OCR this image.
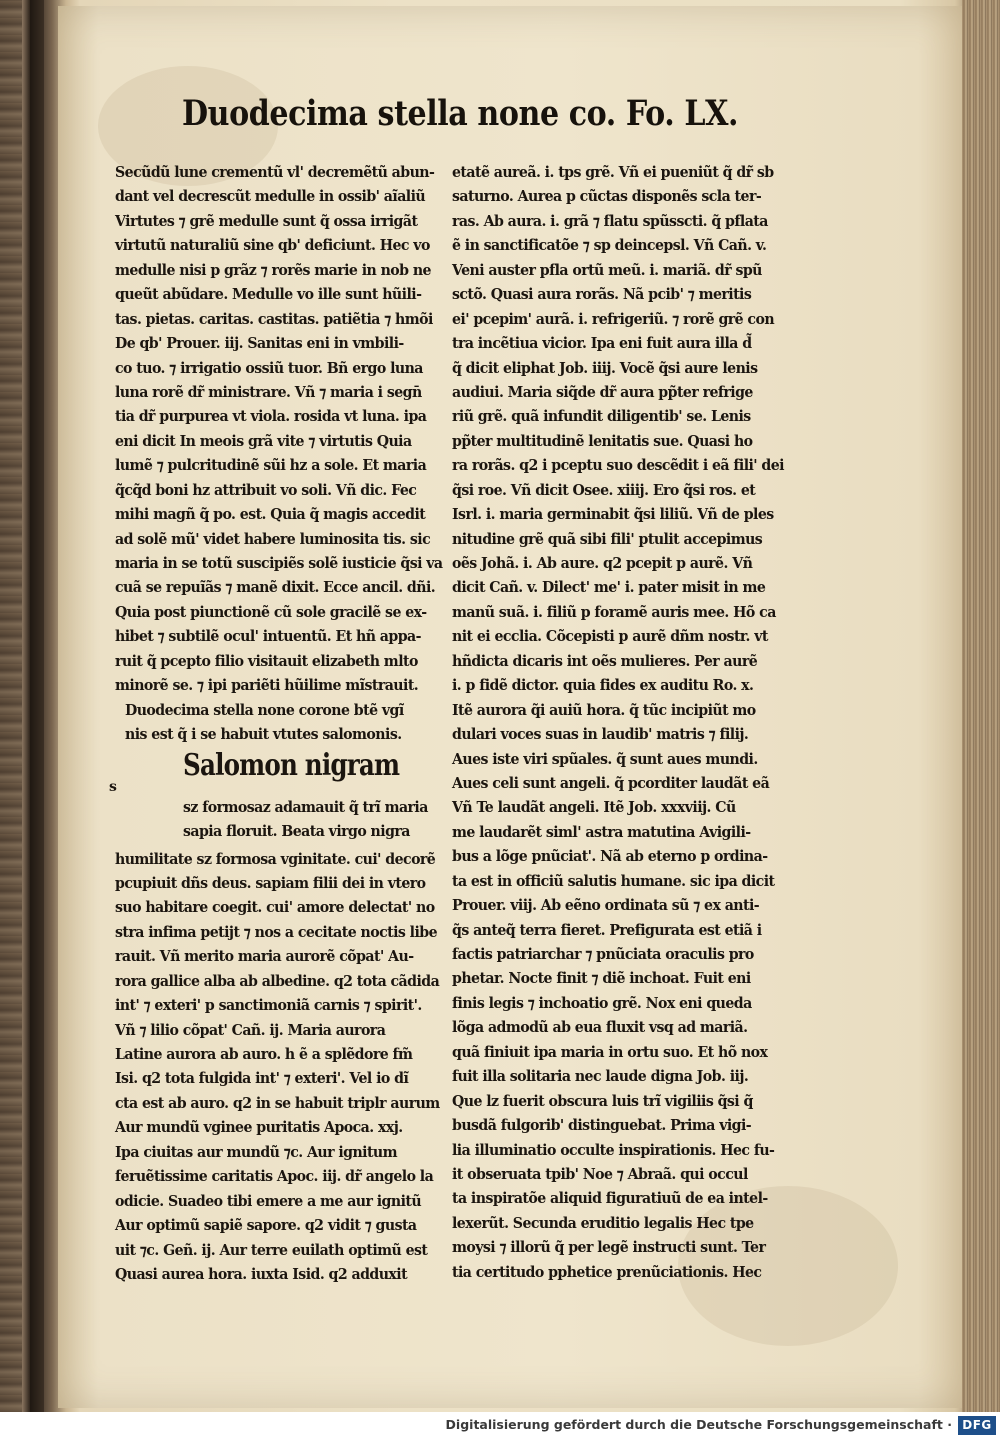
Duodecima stella none co. Fo. LX.
Secũdũ lune crementũ vl' decremẽtũ abun-
dant vel decrescũt medulle in ossib' aĩaliũ
Virtutes ⁊ grẽ medulle sunt q̃ ossa irrigãt
virtutũ naturaliũ sine qb' deficiunt. Hec vo
medulle nisi p grãz ⁊ rorẽs marie in nob ne
queũt abũdare. Medulle vo ille sunt hũili-
tas. pietas. caritas. castitas. patiẽtia ⁊ hmõi
De qb' Prouer. iij. Sanitas eni in vmbili-
co tuo. ⁊ irrigatio ossiũ tuor. Bñ ergo luna
luna rorẽ dr̃ ministrare. Vñ ⁊ maria i segn̄
tia dr̃ purpurea vt viola. rosida vt luna. ipa
eni dicit In meois grã vite ⁊ virtutis Quia
lumẽ ⁊ pulcritudinẽ sũi hz a sole. Et maria
q̃cq̃d boni hz attribuit vo soli. Vñ dic. Fec
mihi magñ q̃ po. est. Quia q̃ magis accedit
ad solẽ mũ' videt habere luminosita tis. sic
maria in se totũ suscipiẽs solẽ iusticie q̃si va
cuã se repuĩãs ⁊ manẽ dixit. Ecce ancil. dñi.
Quia post piunctionẽ cũ sole gracilẽ se ex-
hibet ⁊ subtilẽ ocul' intuentũ. Et hñ appa-
ruit q̃ pcepto filio visitauit elizabeth mlto
minorẽ se. ⁊ ipi pariẽti hũilime mĩstrauit.
Duodecima stella none corone btẽ vgĩ
nis est q̃ i se habuit vtutes salomonis.
s
Salomon nigram
sz formosaz adamauit q̃ trĩ maria
sapia floruit. Beata virgo nigra
humilitate sz formosa vginitate. cui' decorẽ
pcupiuit dñs deus. sapiam filii dei in vtero
suo habitare coegit. cui' amore delectat' no
stra infima petijt ⁊ nos a cecitate noctis libe
rauit. Vñ merito maria aurorẽ cõpat' Au-
rora gallice alba ab albedine. q2 tota cãdida
int' ⁊ exteri' p sanctimoniã carnis ⁊ spirit'.
Vñ ⁊ lilio cõpat' Cañ. ij. Maria aurora
Latine aurora ab auro. h ẽ a splẽdore fm̃
Isi. q2 tota fulgida int' ⁊ exteri'. Vel io dĩ
cta est ab auro. q2 in se habuit triplr aurum
Aur mundũ vginee puritatis Apoca. xxj.
Ipa ciuitas aur mundũ ⁊c. Aur ignitum
feruẽtissime caritatis Apoc. iij. dr̃ angelo la
odicie. Suadeo tibi emere a me aur ignitũ
Aur optimũ sapiẽ sapore. q2 vidit ⁊ gusta
uit ⁊c. Geñ. ij. Aur terre euilath optimũ est
Quasi aurea hora. iuxta Isid. q2 adduxit
etatẽ aureã. i. tps grẽ. Vñ ei pueniũt q̃ dr̃ sb
saturno. Aurea p cũctas disponẽs scla ter-
ras. Ab aura. i. grã ⁊ flatu spũsscti. q̃ pflata
ẽ in sanctificatõe ⁊ sp deincepsl. Vñ Cañ. v.
Veni auster pfla ortũ meũ. i. mariã. dr̃ spũ
sctõ. Quasi aura rorãs. Nã pcib' ⁊ meritis
ei' pcepim' aurã. i. refrigeriũ. ⁊ rorẽ grẽ con
tra incẽtiua vicior. Ipa eni fuit aura illa d̃
q̃ dicit eliphat Job. iiij. Vocẽ q̃si aure lenis
audiui. Maria siq̃de dr̃ aura pp̃ter refrige
riũ grẽ. quã infundit diligentib' se. Lenis
pp̃ter multitudinẽ lenitatis sue. Quasi ho
ra rorãs. q2 i pceptu suo descẽdit i eã fili' dei
q̃si roe. Vñ dicit Osee. xiiij. Ero q̃si ros. et
Isrl. i. maria germinabit q̃si liliũ. Vñ de ples
nitudine grẽ quã sibi fili' ptulit accepimus
oẽs Johã. i. Ab aure. q2 pcepit p aurẽ. Vñ
dicit Cañ. v. Dilect' me' i. pater misit in me
manũ suã. i. filiũ p foramẽ auris mee. Hõ ca
nit ei ecclia. Cõcepisti p aurẽ dñm nostr. vt
hñdicta dicaris int oẽs mulieres. Per aurẽ
i. p fidẽ dictor. quia fides ex auditu Ro. x.
Itẽ aurora q̃i auiũ hora. q̃ tũc incipiũt mo
dulari voces suas in laudib' matris ⁊ filij.
Aues iste viri spũales. q̃ sunt aues mundi.
Aues celi sunt angeli. q̃ pcorditer laudãt eã
Vñ Te laudãt angeli. Itẽ Job. xxxviij. Cũ
me laudarẽt siml' astra matutina Avigili-
bus a lõge pnũciat'. Nã ab eterno p ordina-
ta est in officiũ salutis humane. sic ipa dicit
Prouer. viij. Ab eẽno ordinata sũ ⁊ ex anti-
q̃s anteq̃ terra fieret. Prefigurata est etiã i
factis patriarchar ⁊ pnũciata oraculis pro
phetar. Nocte finit ⁊ diẽ inchoat. Fuit eni
finis legis ⁊ inchoatio grẽ. Nox eni queda
lõga admodũ ab eua fluxit vsq ad mariã.
quã finiuit ipa maria in ortu suo. Et hõ nox
fuit illa solitaria nec laude digna Job. iij.
Que lz fuerit obscura luis trĩ vigiliis q̃si q̃
busdã fulgorib' distinguebat. Prima vigi-
lia illuminatio occulte inspirationis. Hec fu-
it obseruata tpib' Noe ⁊ Abraã. qui occul
ta inspiratõe aliquid figuratiuũ de ea intel-
lexerũt. Secunda eruditio legalis Hec tpe
moysi ⁊ illorũ q̃ per legẽ instructi sunt. Ter
tia certitudo pphetice prenũciationis. Hec
Digitalisierung gefördert durch die Deutsche Forschungsgemeinschaft · DFG
